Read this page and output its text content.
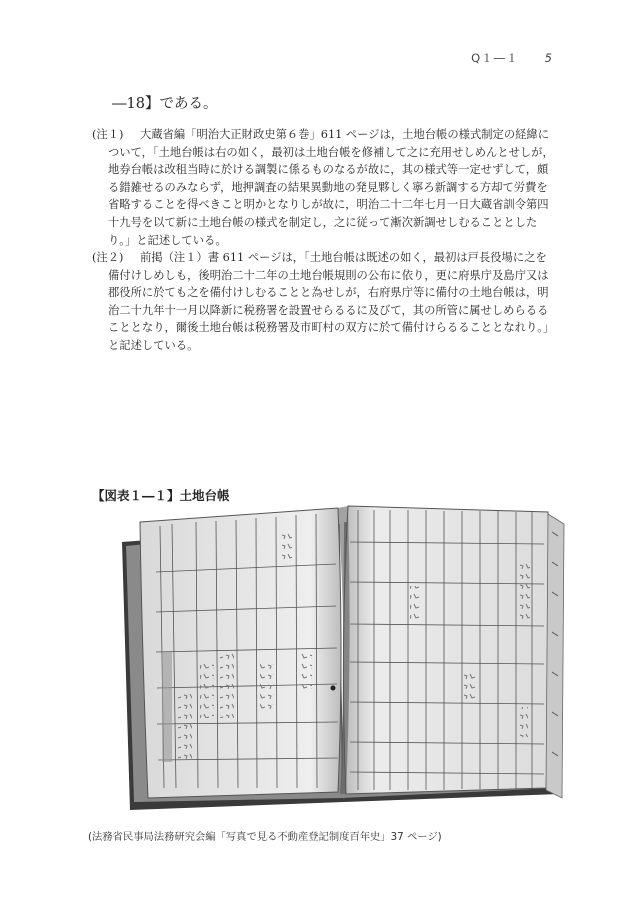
Q１―１ 5
―18】である。
(注１) 大蔵省編「明治大正財政史第６巻」611 ページは，土地台帳の様式制定の経緯に
ついて，「土地台帳は右の如く，最初は土地台帳を修補して之に充用せしめんとせしが，
地券台帳は改租当時に於ける調製に係るものなるが故に，其の様式等一定せずして，頗
る錯雑せるのみならず，地押調査の結果異動地の発見夥しく寧ろ新調する方却て労費を
省略することを得べきこと明かとなりしが故に，明治二十二年七月一日大蔵省訓令第四
十九号を以て新に土地台帳の様式を制定し，之に従って漸次新調せしむることとした
り。」と記述している。
(注２) 前掲（注１）書 611 ページは，「土地台帳は既述の如く，最初は戸長役場に之を
備付けしめしも，後明治二十二年の土地台帳規則の公布に依り，更に府県庁及島庁又は
郡役所に於ても之を備付けしむることと為せしが，右府県庁等に備付の土地台帳は，明
治二十九年十一月以降新に税務署を設置せらるるに及びて，其の所管に属せしめらるる
こととなり，爾後土地台帳は税務署及市町村の双方に於て備付けらるることとなれり。」
と記述している。
【図表１―１】土地台帳
(法務省民事局法務研究会編「写真で見る不動産登記制度百年史」37 ページ)
